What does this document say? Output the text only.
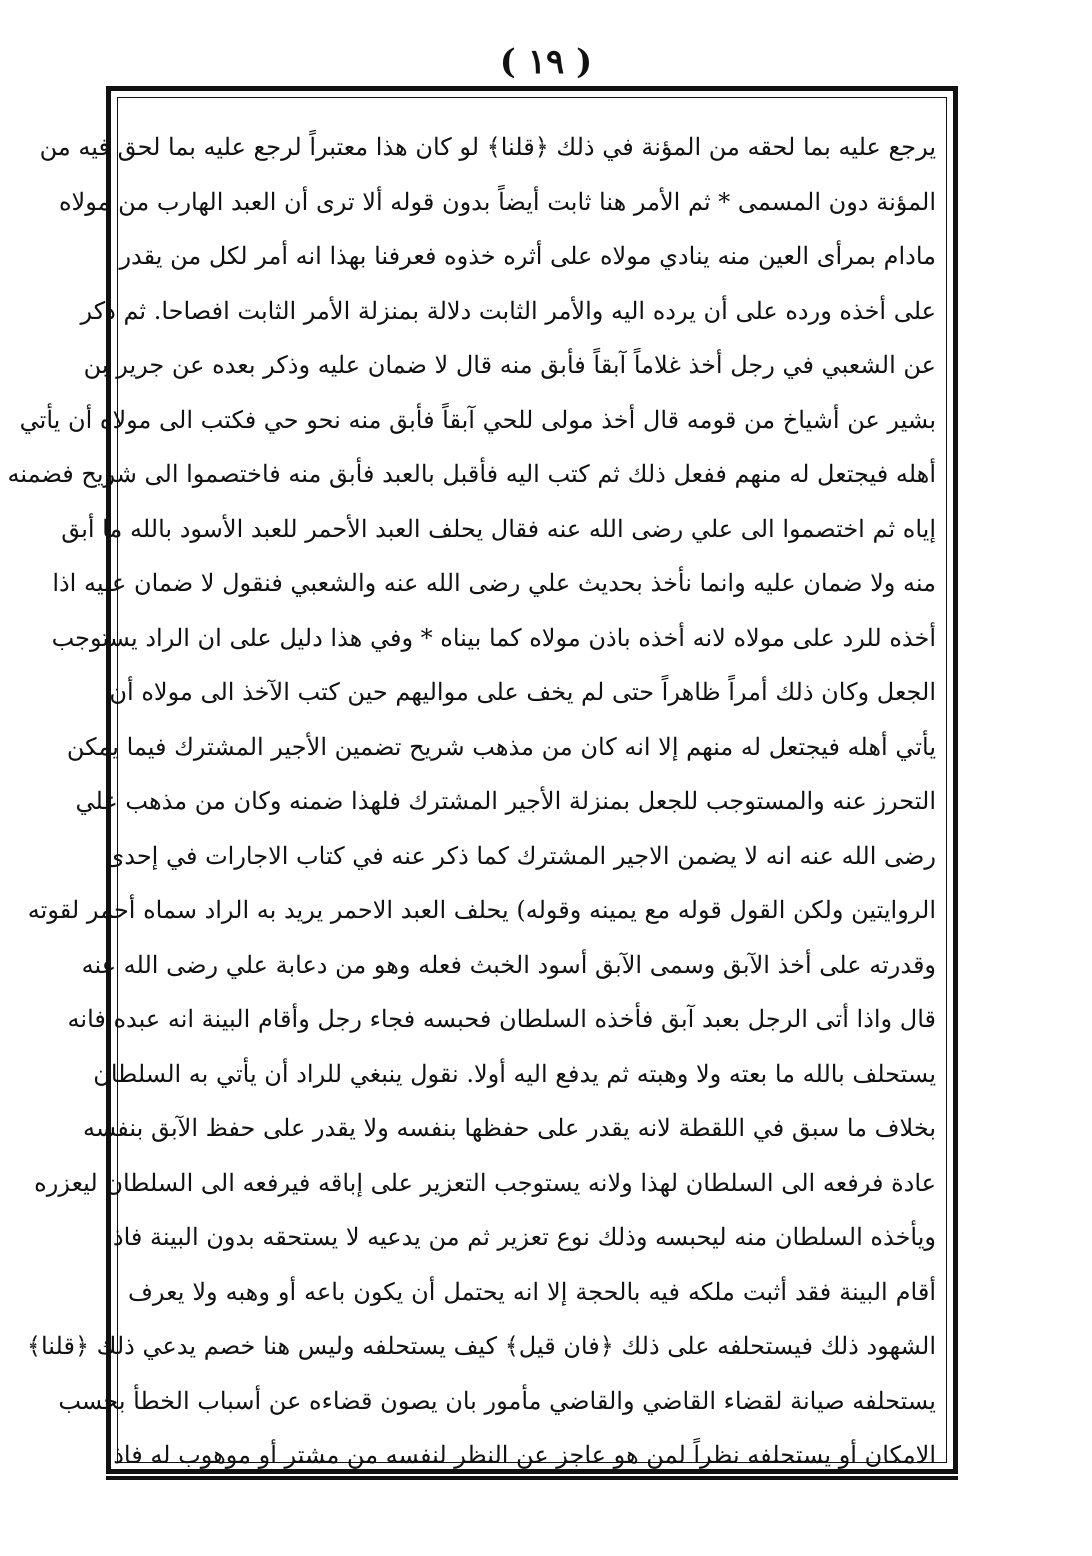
( ١٩ )
يرجع عليه بما لحقه من المؤنة في ذلك ﴿قلنا﴾ لو كان هذا معتبراً لرجع عليه بما لحق فيه من
المؤنة دون المسمى * ثم الأمر هنا ثابت أيضاً بدون قوله ألا ترى أن العبد الهارب من مولاه
مادام بمرأى العين منه ينادي مولاه على أثره خذوه فعرفنا بهذا انه أمر لكل من يقدر
على أخذه ورده على أن يرده اليه والأمر الثابت دلالة بمنزلة الأمر الثابت افصاحا. ثم ذكر
عن الشعبي في رجل أخذ غلاماً آبقاً فأبق منه قال لا ضمان عليه وذكر بعده عن جرير بن
بشير عن أشياخ من قومه قال أخذ مولى للحي آبقاً فأبق منه نحو حي فكتب الى مولاه أن يأتي
أهله فيجتعل له منهم ففعل ذلك ثم كتب اليه فأقبل بالعبد فأبق منه فاختصموا الى شريح فضمنه
إياه ثم اختصموا الى علي رضى الله عنه فقال يحلف العبد الأحمر للعبد الأسود بالله ما أبق
منه ولا ضمان عليه وانما نأخذ بحديث علي رضى الله عنه والشعبي فنقول لا ضمان عليه اذا
أخذه للرد على مولاه لانه أخذه باذن مولاه كما بيناه * وفي هذا دليل على ان الراد يستوجب
الجعل وكان ذلك أمراً ظاهراً حتى لم يخف على مواليهم حين كتب الآخذ الى مولاه أن
يأتي أهله فيجتعل له منهم إلا انه كان من مذهب شريح تضمين الأجير المشترك فيما يمكن
التحرز عنه والمستوجب للجعل بمنزلة الأجير المشترك فلهذا ضمنه وكان من مذهب علي
رضى الله عنه انه لا يضمن الاجير المشترك كما ذكر عنه في كتاب الاجارات في إحدى
الروايتين ولكن القول قوله مع يمينه وقوله) يحلف العبد الاحمر يريد به الراد سماه أحمر لقوته
وقدرته على أخذ الآبق وسمى الآبق أسود الخبث فعله وهو من دعابة علي رضى الله عنه
قال واذا أتى الرجل بعبد آبق فأخذه السلطان فحبسه فجاء رجل وأقام البينة انه عبده فانه
يستحلف بالله ما بعته ولا وهبته ثم يدفع اليه أولا. نقول ينبغي للراد أن يأتي به السلطان
بخلاف ما سبق في اللقطة لانه يقدر على حفظها بنفسه ولا يقدر على حفظ الآبق بنفسه
عادة فرفعه الى السلطان لهذا ولانه يستوجب التعزير على إباقه فيرفعه الى السلطان ليعزره
ويأخذه السلطان منه ليحبسه وذلك نوع تعزير ثم من يدعيه لا يستحقه بدون البينة فاذا
أقام البينة فقد أثبت ملكه فيه بالحجة إلا انه يحتمل أن يكون باعه أو وهبه ولا يعرف
الشهود ذلك فيستحلفه على ذلك ﴿فان قيل﴾ كيف يستحلفه وليس هنا خصم يدعي ذلك ﴿قلنا﴾
يستحلفه صيانة لقضاء القاضي والقاضي مأمور بان يصون قضاءه عن أسباب الخطأ بحسب
الامكان أو يستحلفه نظراً لمن هو عاجز عن النظر لنفسه من مشتر أو موهوب له فاذا
